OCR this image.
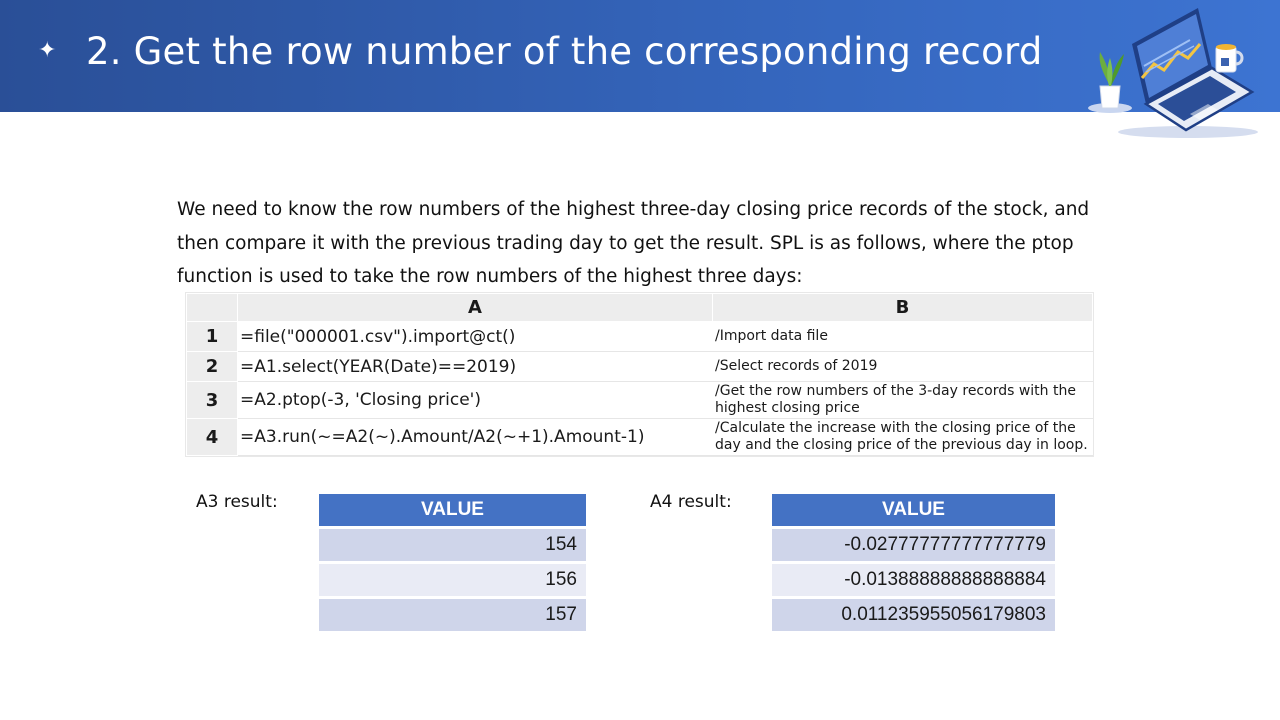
✦ 2. Get the row number of the corresponding record

We need to know the row numbers of the highest three-day closing price records of the stock, and

then compare it with the previous trading day to get the result. SPL is as follows, where the ptop

function is used to take the row numbers of the highest three days:

	A	B
1	=file("000001.csv").import@ct()	/Import data file
2	=A1.select(YEAR(Date)==2019)	/Select records of 2019
3	=A2.ptop(-3, 'Closing price')	/Get the row numbers of the 3-day records with the highest closing price
4	=A3.run(~=A2(~).Amount/A2(~+1).Amount-1)	/Calculate the increase with the closing price of the day and the closing price of the previous day in loop.
A3 result:	VALUE
154
156
157
A4 result:	VALUE
-0.02777777777777779
-0.01388888888888884
0.011235955056179803
